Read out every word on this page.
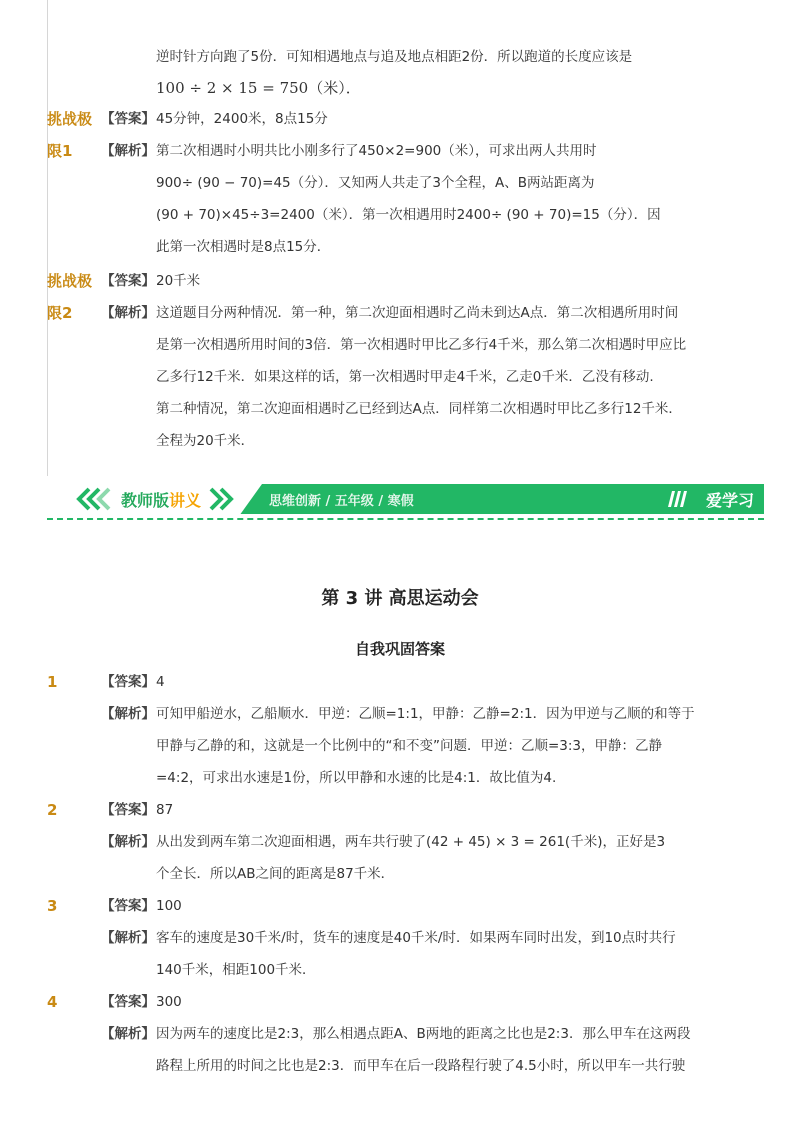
逆时针方向跑了5份．可知相遇地点与追及地点相距2份．所以跑道的长度应该是
100 ÷ 2 × 15 = 750（米）．
挑战极 【答案】 45分钟，2400米，8点15分
限1 【解析】 第二次相遇时小明共比小刚多行了450×2=900（米），可求出两人共用时
900÷ (90 − 70)=45（分）．又知两人共走了3个全程，A、B两站距离为
(90 + 70)×45÷3=2400（米）．第一次相遇用时2400÷ (90 + 70)=15（分）．因
此第一次相遇时是8点15分．
挑战极 【答案】 20千米
限2 【解析】 这道题目分两种情况．第一种，第二次迎面相遇时乙尚未到达A点．第二次相遇所用时间
是第一次相遇所用时间的3倍．第一次相遇时甲比乙多行4千米，那么第二次相遇时甲应比
乙多行12千米．如果这样的话，第一次相遇时甲走4千米，乙走0千米．乙没有移动.
第二种情况，第二次迎面相遇时乙已经到达A点．同样第二次相遇时甲比乙多行12千米．
全程为20千米．
教师版讲义	思维创新 / 五年级 / 寒假	爱学习
第 3 讲 高思运动会
自我巩固答案
1	【答案】 4
【解析】 可知甲船逆水，乙船顺水．甲逆：乙顺=1:1，甲静：乙静=2:1．因为甲逆与乙顺的和等于
甲静与乙静的和，这就是一个比例中的“和不变”问题．甲逆：乙顺=3:3，甲静：乙静
=4:2，可求出水速是1份，所以甲静和水速的比是4:1．故比值为4.
2	【答案】 87
【解析】 从出发到两车第二次迎面相遇，两车共行驶了(42 + 45) × 3 = 261(千米)，正好是3
个全长．所以AB之间的距离是87千米．
3	【答案】 100
【解析】 客车的速度是30千米/时，货车的速度是40千米/时．如果两车同时出发，到10点时共行
140千米，相距100千米．
4	【答案】 300
【解析】 因为两车的速度比是2:3，那么相遇点距A、B两地的距离之比也是2:3．那么甲车在这两段
路程上所用的时间之比也是2:3．而甲车在后一段路程行驶了4.5小时，所以甲车一共行驶
